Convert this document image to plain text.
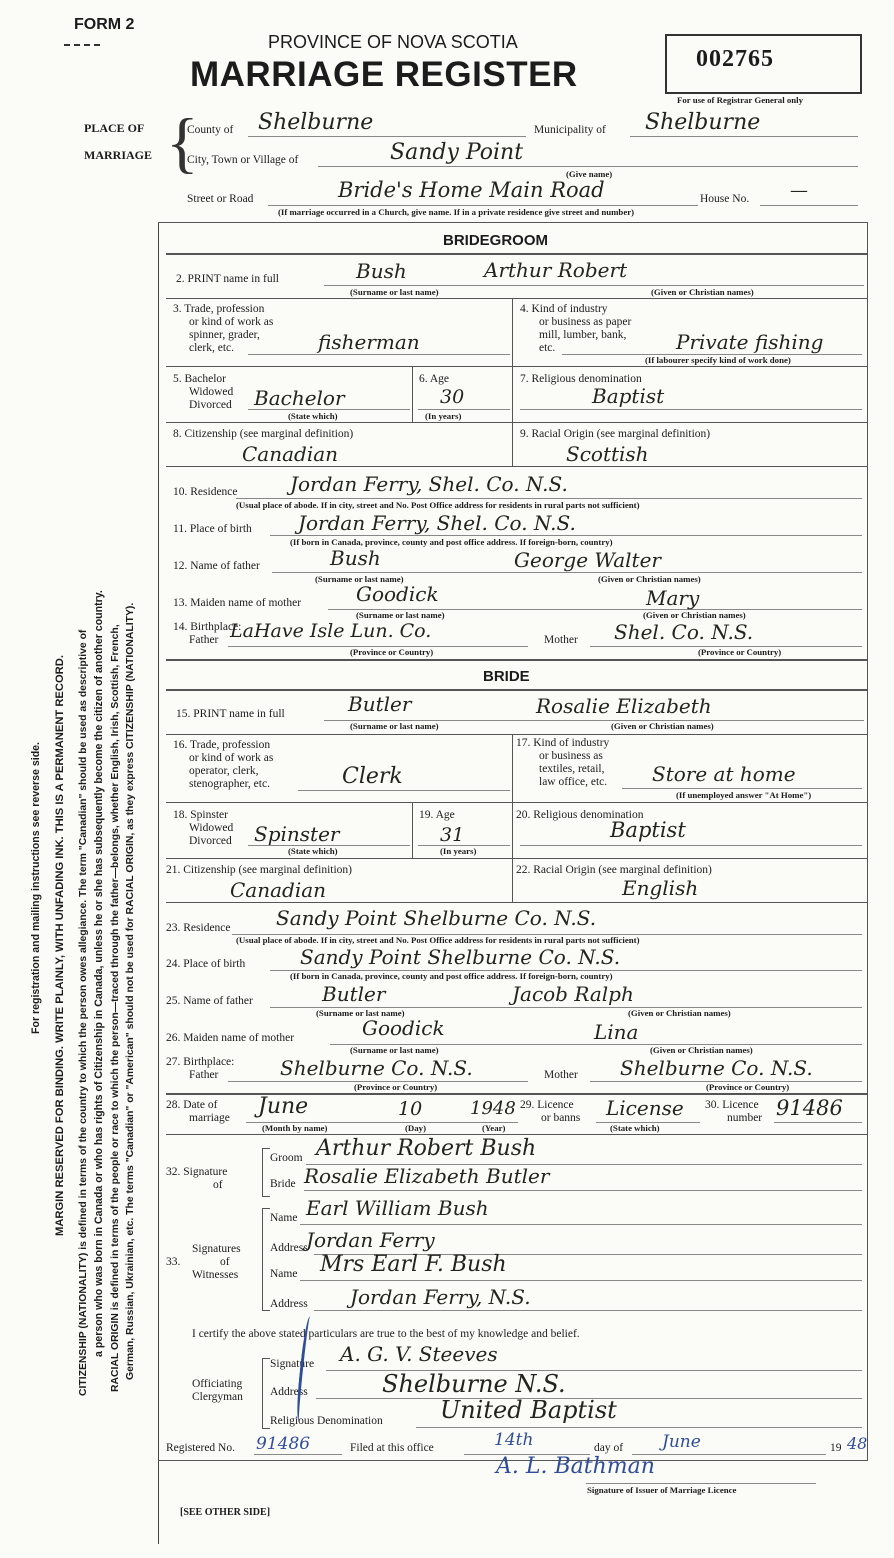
FORM 2
PROVINCE OF NOVA SCOTIA
MARRIAGE REGISTER	002765
For use of Registrar General only
PLACE OF
MARRIAGE {
County of Shelburne	Municipality of Shelburne
City, Town or Village of	Sandy Point
(Give name)
Street or Road	Bride's Home Main Road	House No. —
(If marriage occurred in a Church, give name. If in a private residence give street and number)
MARGIN RESERVED FOR BINDING. WRITE PLAINLY, WITH UNFADING INK. THIS IS A PERMANENT RECORD.
For registration and mailing instructions see reverse side.	CITIZENSHIP (NATIONALITY) is defined in terms of the country to which the person owes allegiance. The term "Canadian" should be used as descriptive of a person who was born in Canada or who has rights of Citizenship in Canada, unless he or she has subsequently become the citizen of another country. RACIAL ORIGIN is defined in terms of the people or race to which the person—traced through the father—belongs, whether English, Irish, Scottish, French, German, Russian, Ukrainian, etc. The terms "Canadian" or "American" should not be used for RACIAL ORIGIN, as they express CITIZENSHIP (NATIONALITY).
BRIDEGROOM
2. PRINT name in full	Bush	Arthur Robert
(Surname or last name)	(Given or Christian names)
3. Trade, profession
or kind of work as
spinner, grader,
clerk, etc.	fisherman
4. Kind of industry
or business as paper
mill, lumber, bank,
etc.	Private fishing
(If labourer specify kind of work done)
5. Bachelor
Widowed
Divorced Bachelor
(State which)
6. Age
30
(In years)
7. Religious denomination
Baptist
8. Citizenship (see marginal definition)
Canadian
9. Racial Origin (see marginal definition)
Scottish
10. Residence	Jordan Ferry, Shel. Co. N.S.
(Usual place of abode. If in city, street and No. Post Office address for residents in rural parts not sufficient)
11. Place of birth Jordan Ferry, Shel. Co. N.S.
(If born in Canada, province, county and post office address. If foreign-born, country)
12. Name of father	Bush	George Walter
(Surname or last name)	(Given or Christian names)
13. Maiden name of mother	Goodick	Mary
(Surname or last name)	(Given or Christian names)
14. Birthplace:
Father LaHave Isle Lun. Co.	Mother Shel. Co. N.S.
(Province or Country)	(Province or Country)
BRIDE
15. PRINT name in full	Butler	Rosalie Elizabeth
(Surname or last name)	(Given or Christian names)
16. Trade, profession
or kind of work as
operator, clerk,
stenographer, etc.	Clerk
17. Kind of industry
or business as
textiles, retail,
law office, etc. Store at home
(If unemployed answer "At Home")
18. Spinster
Widowed
Divorced Spinster
(State which)
19. Age
31
(In years)
20. Religious denomination
Baptist
21. Citizenship (see marginal definition)
Canadian
22. Racial Origin (see marginal definition)
English
23. Residence Sandy Point Shelburne Co. N.S.
(Usual place of abode. If in city, street and No. Post Office address for residents in rural parts not sufficient)
24. Place of birth	Sandy Point Shelburne Co. N.S.
(If born in Canada, province, county and post office address. If foreign-born, country)
25. Name of father	Butler	Jacob Ralph
(Surname or last name)	(Given or Christian names)
26. Maiden name of mother	Goodick	Lina
(Surname or last name)	(Given or Christian names)
27. Birthplace:
Father	Shelburne Co. N.S.	Mother Shelburne Co. N.S.
(Province or Country)	(Province or Country)
28. Date of
marriage June	10	1948
(Month by name)	(Day)	(Year)
29. Licence
or banns License
(State which)
30. Licence
number 91486
32. Signature
of
Groom Arthur Robert Bush
Bride Rosalie Elizabeth Butler
Signatures
33.	of
Witnesses
Name Earl William Bush
Address
Jordan Ferry
Name Mrs Earl F. Bush
Address Jordan Ferry, N.S.
I certify the above stated particulars are true to the best of my knowledge and belief.
Officiating
Clergyman
Signature A. G. V. Steeves
Address	Shelburne N.S.
Religious Denomination United Baptist
Registered No. 91486	Filed at this office	14th	day of June	19 48
A. L. Bathman
Signature of Issuer of Marriage Licence
[SEE OTHER SIDE]
